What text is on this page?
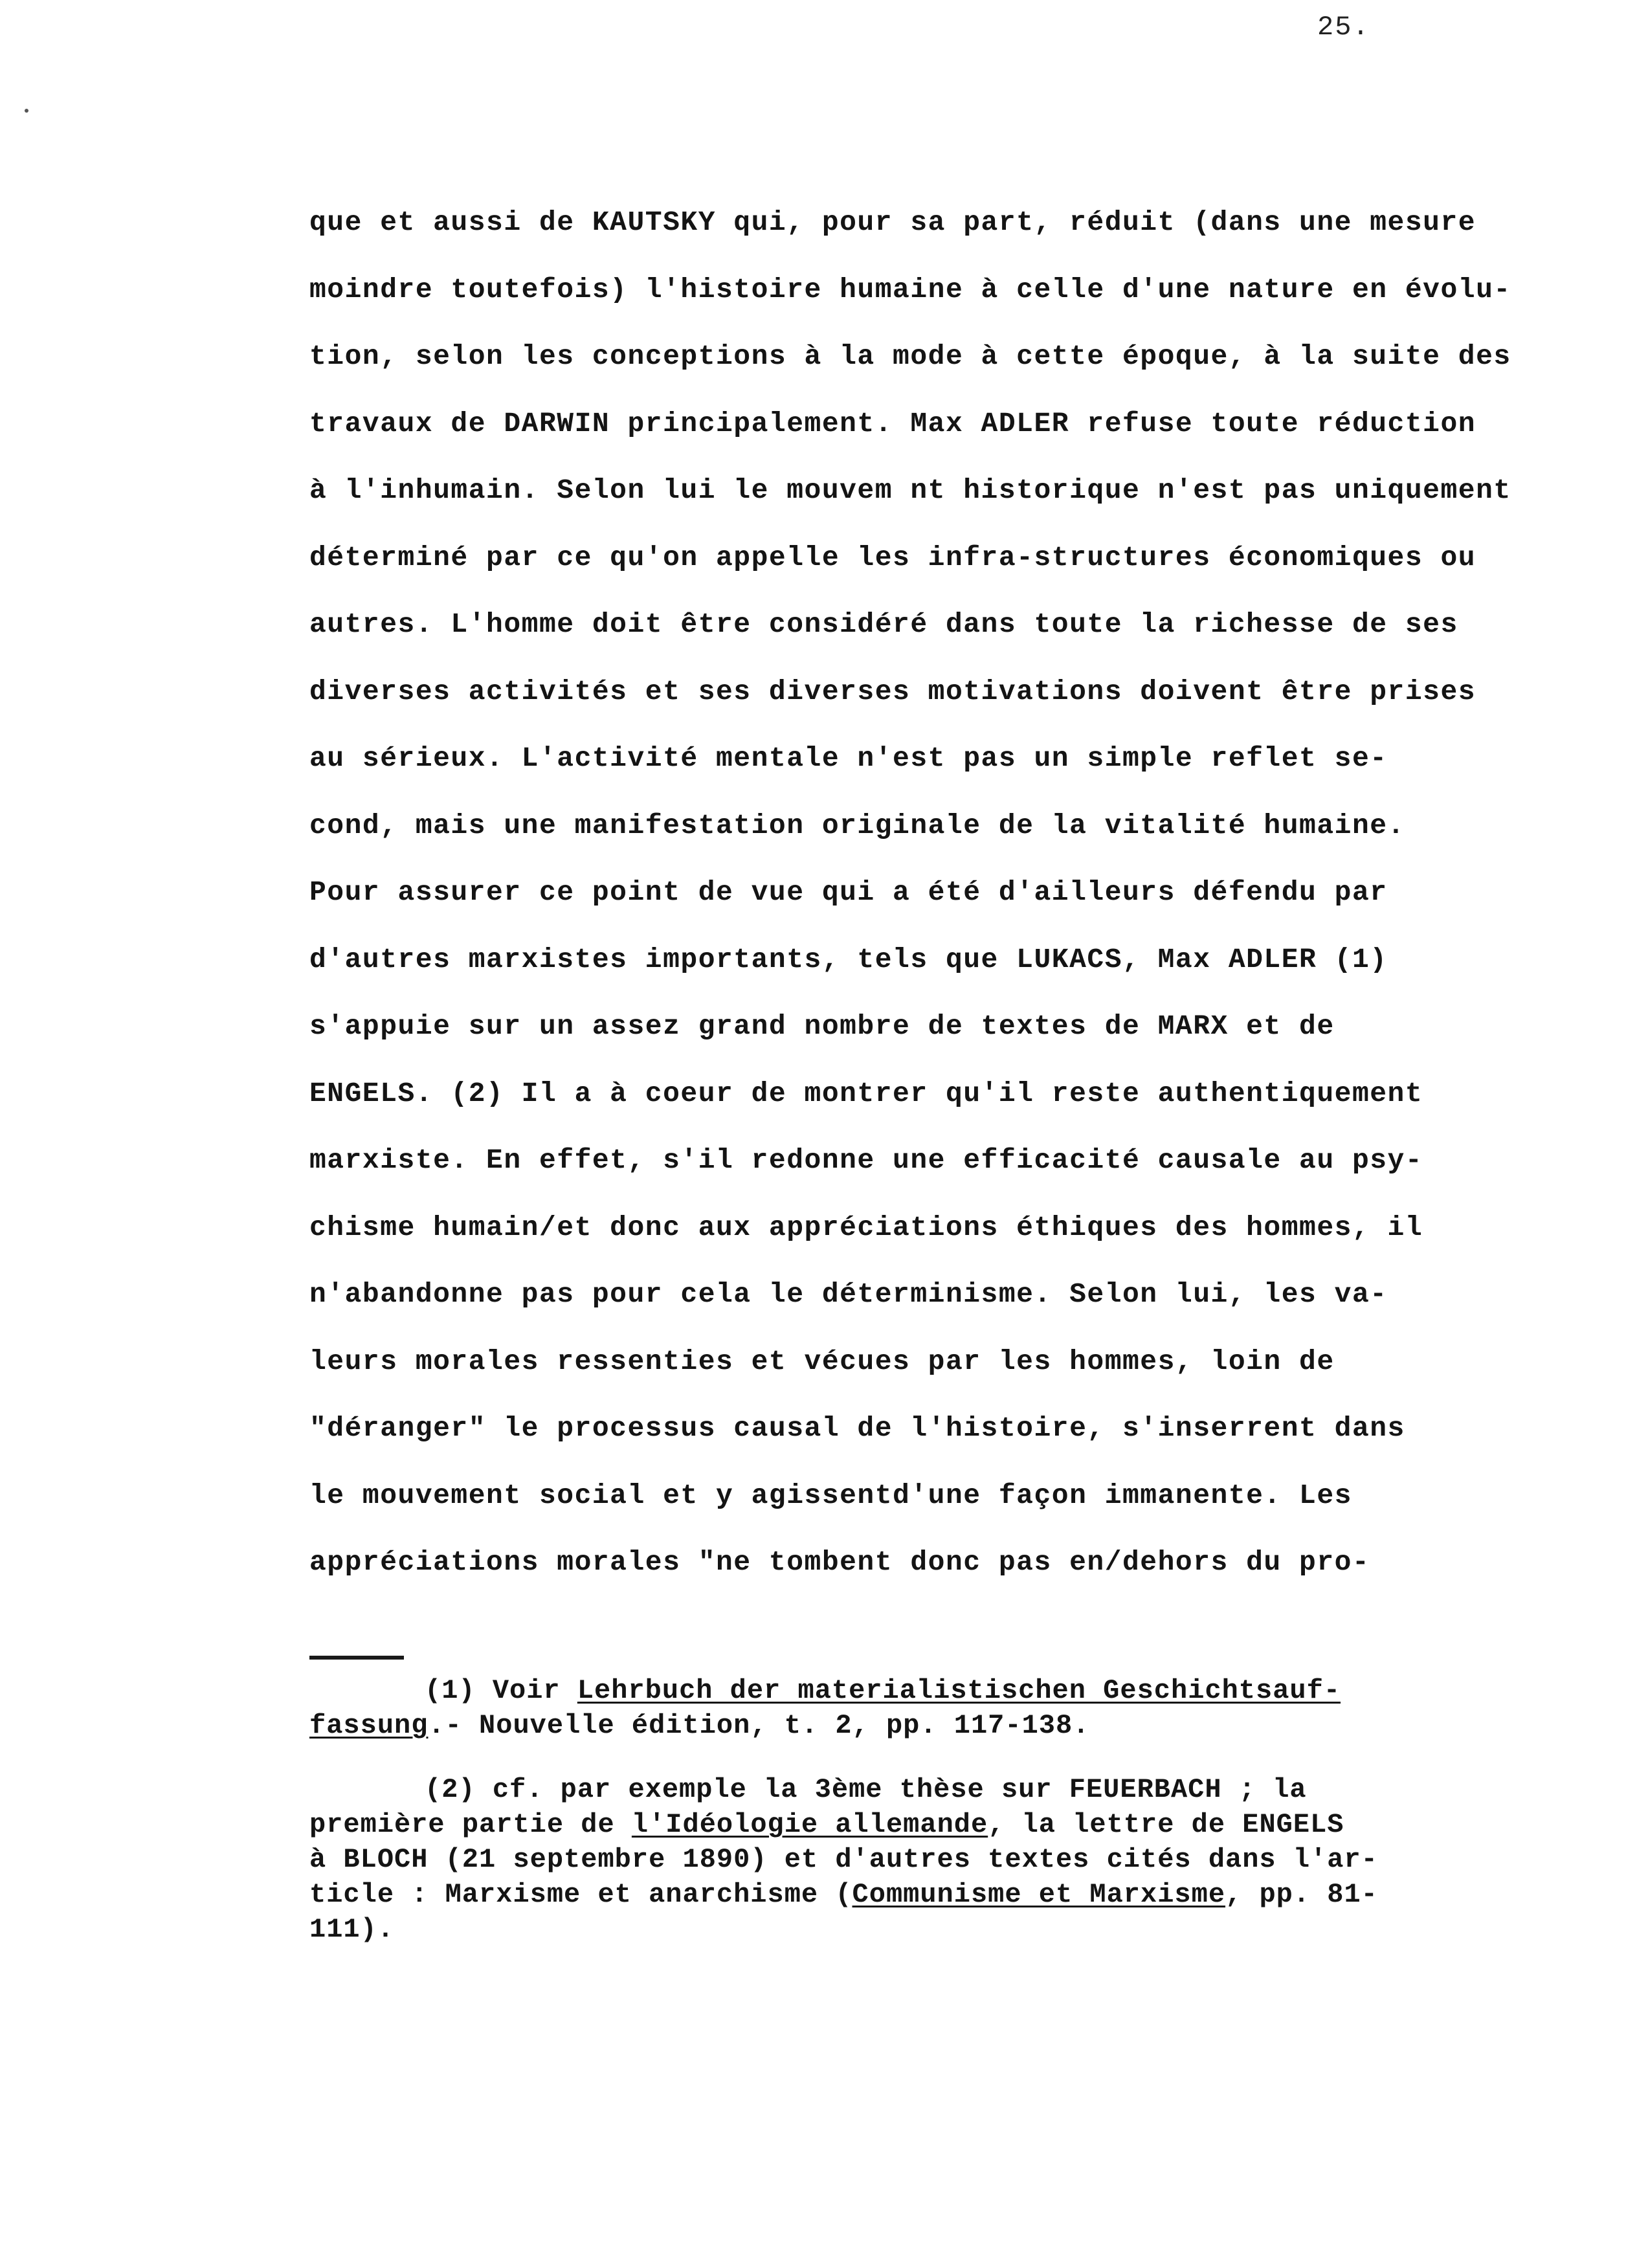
25.
que et aussi de KAUTSKY qui, pour sa part, réduit (dans une mesure
moindre toutefois) l'histoire humaine à celle d'une nature en évolu-
tion, selon les conceptions à la mode à cette époque, à la suite des
travaux de DARWIN principalement. Max ADLER refuse toute réduction
à l'inhumain. Selon lui le mouvem nt historique n'est pas uniquement
déterminé par ce qu'on appelle les infra-structures économiques ou
autres. L'homme doit être considéré dans toute la richesse de ses
diverses activités et ses diverses motivations doivent être prises
au sérieux. L'activité mentale n'est pas un simple reflet se-
cond, mais une manifestation originale de la vitalité humaine.
Pour assurer ce point de vue qui a été d'ailleurs défendu par
d'autres marxistes importants, tels que LUKACS, Max ADLER (1)
s'appuie sur un assez grand nombre de textes de MARX et de
ENGELS. (2) Il a à coeur de montrer qu'il reste authentiquement
marxiste. En effet, s'il redonne une efficacité causale au psy-
chisme humain/et donc aux appréciations éthiques des hommes, il
n'abandonne pas pour cela le déterminisme. Selon lui, les va-
leurs morales ressenties et vécues par les hommes, loin de
"déranger" le processus causal de l'histoire, s'inserrent dans
le mouvement social et y agissentd'une façon immanente. Les
appréciations morales "ne tombent donc pas en/dehors du pro-
(1) Voir Lehrbuch der materialistischen Geschichtsauf-
fassung.- Nouvelle édition, t. 2, pp. 117-138.
(2) cf. par exemple la 3ème thèse sur FEUERBACH ; la
première partie de l'Idéologie allemande, la lettre de ENGELS
à BLOCH (21 septembre 1890) et d'autres textes cités dans l'ar-
ticle : Marxisme et anarchisme (Communisme et Marxisme, pp. 81-
111).
